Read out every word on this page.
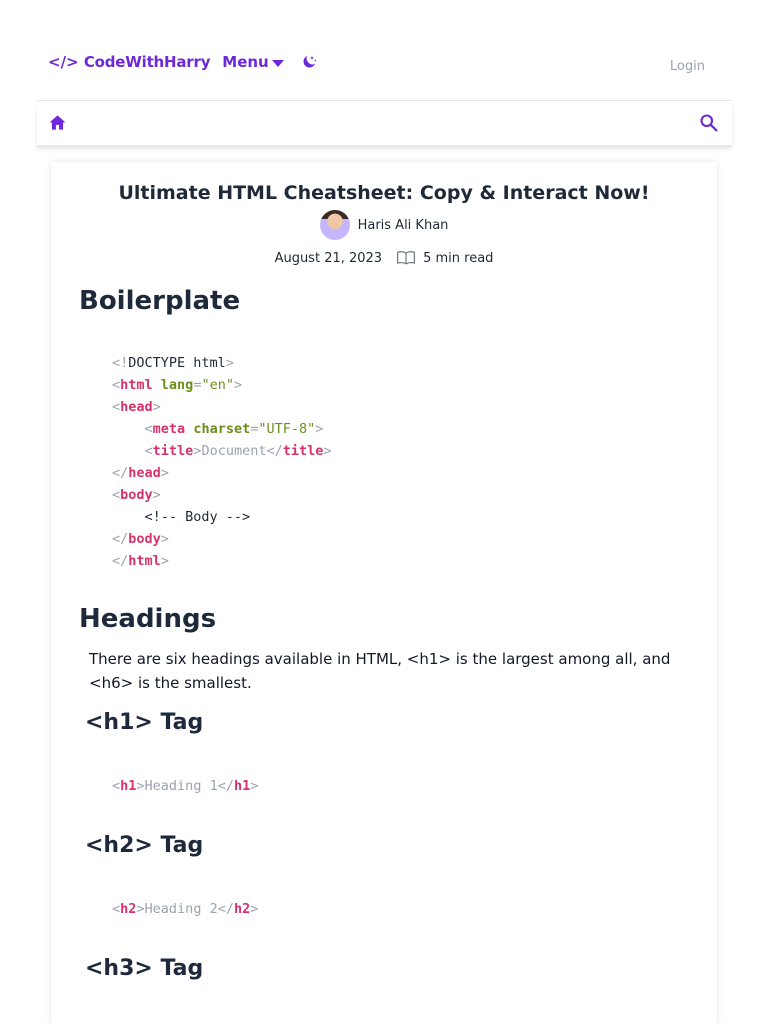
</> CodeWithHarry Menu	Login
Ultimate HTML Cheatsheet: Copy & Interact Now!
Haris Ali Khan
August 21, 2023	5 min read
Boilerplate
<!DOCTYPE html>
<html lang="en">
<head>
<meta charset="UTF-8">
<title>Document</title>
</head>
<body>
<!-- Body -->
</body>
</html>
Headings

There are six headings available in HTML, <h1> is the largest among all, and <h6> is the smallest.

<h1> Tag
<h1>Heading 1</h1>
<h2> Tag
<h2>Heading 2</h2>
<h3> Tag
